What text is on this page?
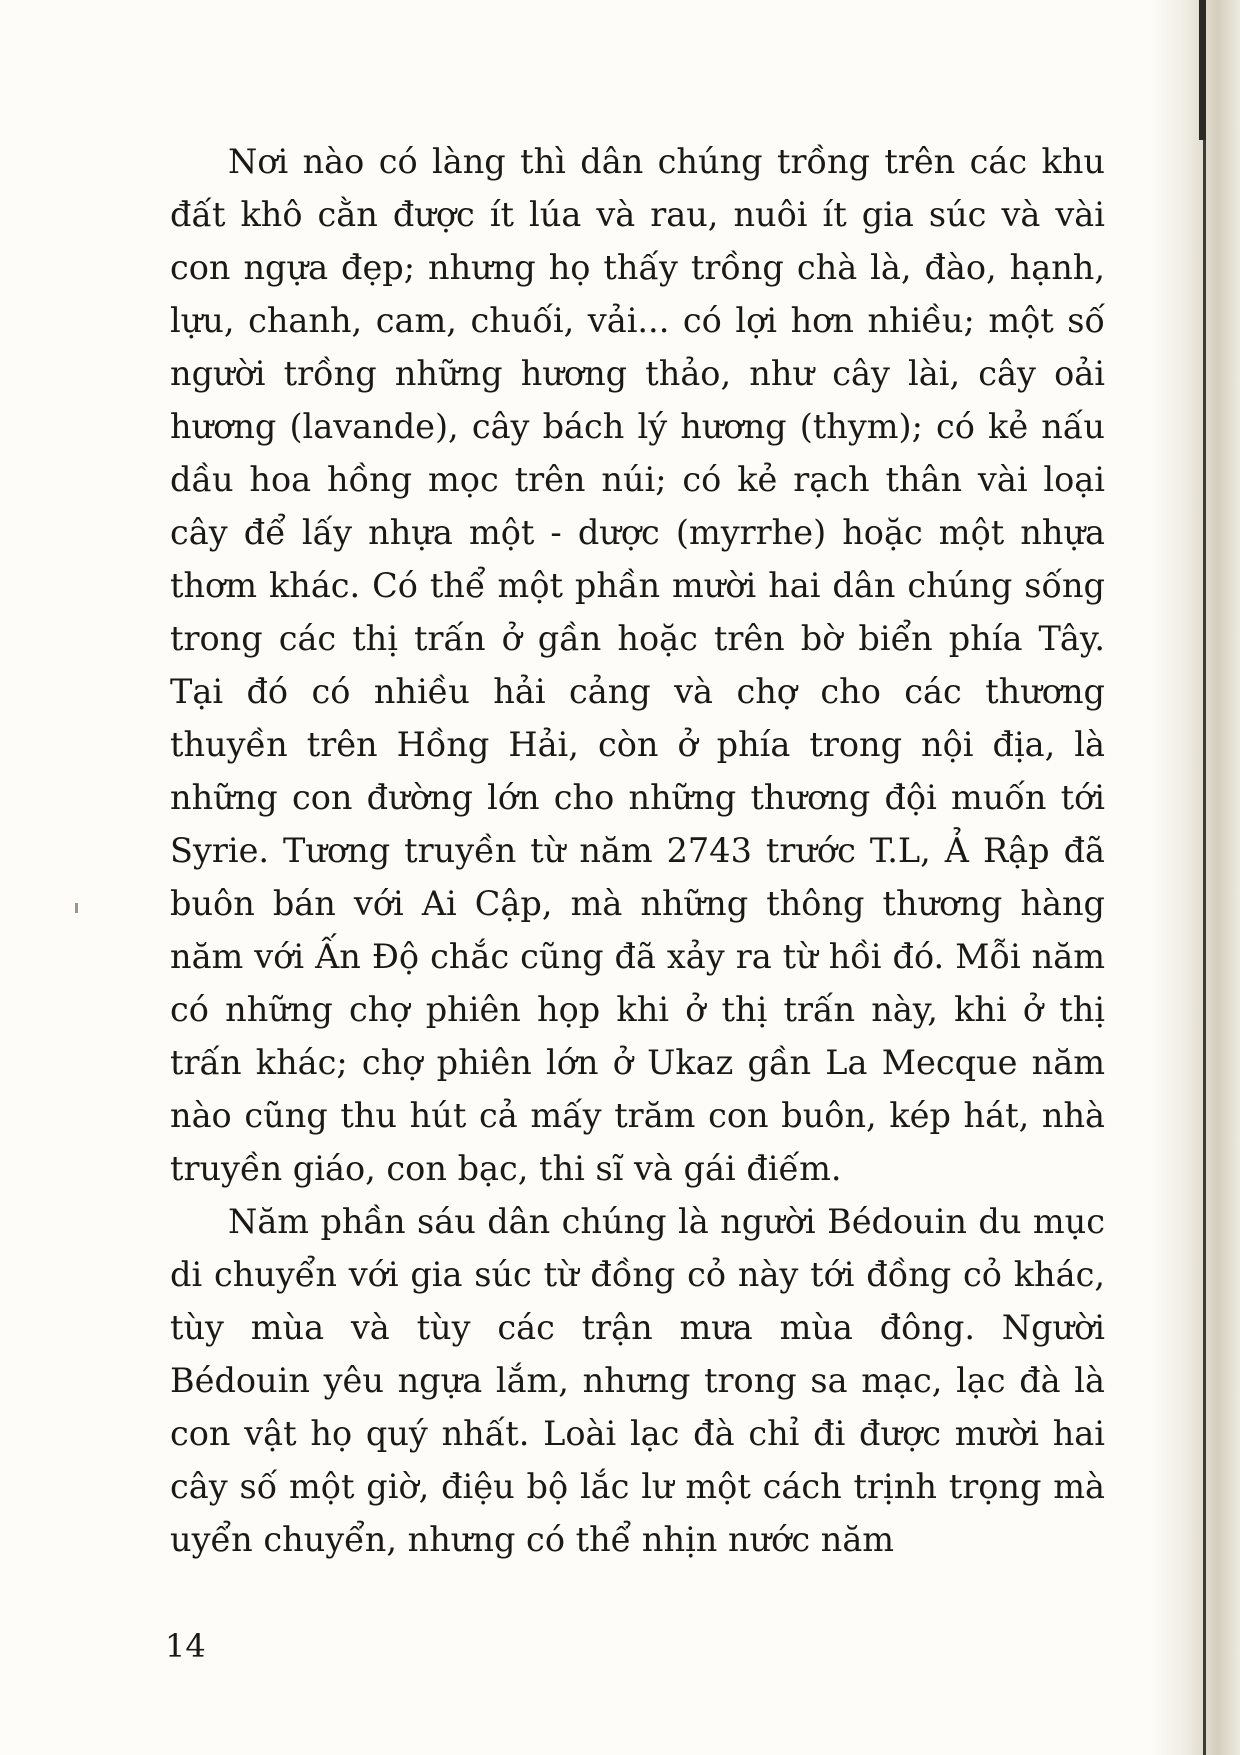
Nơi nào có làng thì dân chúng trồng trên các khu đất khô cằn được ít lúa và rau, nuôi ít gia súc và vài con ngựa đẹp; nhưng họ thấy trồng chà là, đào, hạnh, lựu, chanh, cam, chuối, vải... có lợi hơn nhiều; một số người trồng những hương thảo, như cây lài, cây oải hương (lavande), cây bách lý hương (thym); có kẻ nấu dầu hoa hồng mọc trên núi; có kẻ rạch thân vài loại cây để lấy nhựa một - dược (myrrhe) hoặc một nhựa thơm khác. Có thể một phần mười hai dân chúng sống trong các thị trấn ở gần hoặc trên bờ biển phía Tây. Tại đó có nhiều hải cảng và chợ cho các thương thuyền trên Hồng Hải, còn ở phía trong nội địa, là những con đường lớn cho những thương đội muốn tới Syrie. Tương truyền từ năm 2743 trước T.L, Ả Rập đã buôn bán với Ai Cập, mà những thông thương hàng năm với Ấn Độ chắc cũng đã xảy ra từ hồi đó. Mỗi năm có những chợ phiên họp khi ở thị trấn này, khi ở thị trấn khác; chợ phiên lớn ở Ukaz gần La Mecque năm nào cũng thu hút cả mấy trăm con buôn, kép hát, nhà truyền giáo, con bạc, thi sĩ và gái điếm.

Năm phần sáu dân chúng là người Bédouin du mục di chuyển với gia súc từ đồng cỏ này tới đồng cỏ khác, tùy mùa và tùy các trận mưa mùa đông. Người Bédouin yêu ngựa lắm, nhưng trong sa mạc, lạc đà là con vật họ quý nhất. Loài lạc đà chỉ đi được mười hai cây số một giờ, điệu bộ lắc lư một cách trịnh trọng mà uyển chuyển, nhưng có thể nhịn nước năm

14
